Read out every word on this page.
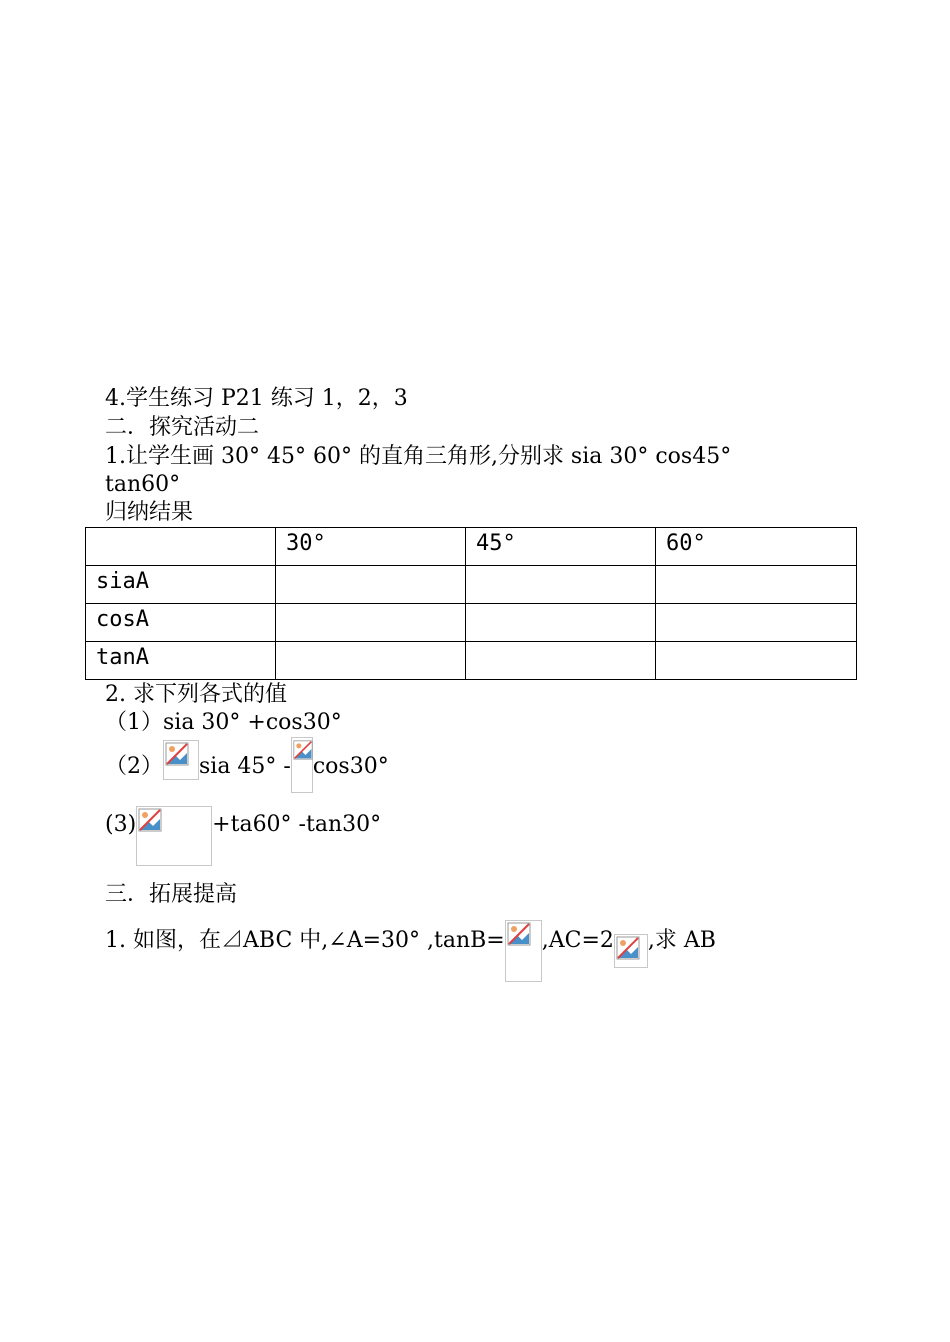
4.学生练习 P21 练习 1，2，3
二．探究活动二
1.让学生画 30° 45° 60° 的直角三角形,分别求 sia 30° cos45°
tan60°
归纳结果
	30°	45°	60°
siaA			
cosA			
tanA			
2. 求下列各式的值
（1）sia 30° +cos30°
（2） sia 45° - cos30°
(3)	+ta60° -tan30°
三．拓展提高
1. 如图，在⊿ABC 中,∠A=30° ,tanB= ,AC=2 ,求 AB
